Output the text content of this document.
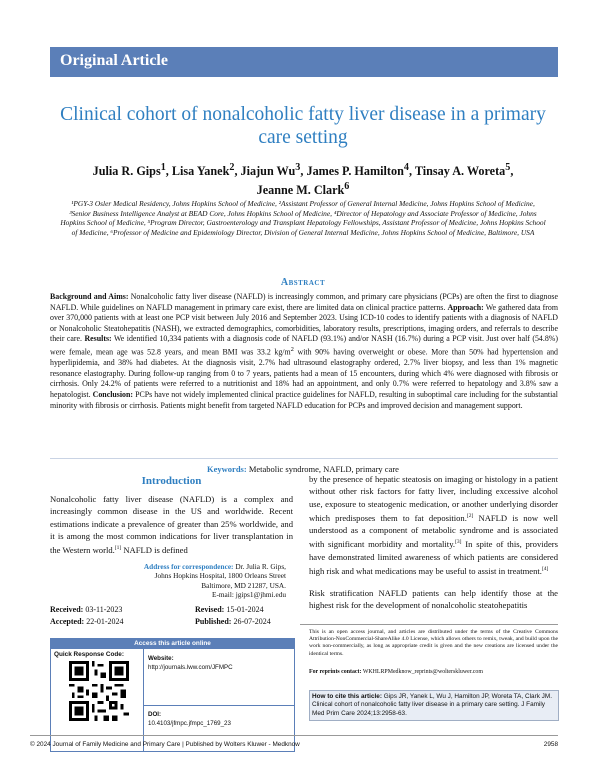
Original Article
Clinical cohort of nonalcoholic fatty liver disease in a primary care setting
Julia R. Gips$^1$, Lisa Yanek$^2$, Jiajun Wu$^3$, James P. Hamilton$^4$, Tinsay A. Woreta$^5$,
Jeanne M. Clark$^6$
¹PGY-3 Osler Medical Residency, Johns Hopkins School of Medicine, ²Assistant Professor of General Internal Medicine, Johns Hopkins School of Medicine, ³Senior Business Intelligence Analyst at BEAD Core, Johns Hopkins School of Medicine, ⁴Director of Hepatology and Associate Professor of Medicine, Johns Hopkins School of Medicine, ⁵Program Director, Gastroenterology and Transplant Hepatology Fellowships, Assistant Professor of Medicine, Johns Hopkins School of Medicine, ⁶Professor of Medicine and Epidemiology Director, Division of General Internal Medicine, Johns Hopkins School of Medicine, Baltimore, USA
Abstract
Background and Aims: Nonalcoholic fatty liver disease (NAFLD) is increasingly common, and primary care physicians (PCPs) are often the first to diagnose NAFLD. While guidelines on NAFLD management in primary care exist, there are limited data on clinical practice patterns. Approach: We gathered data from over 370,000 patients with at least one PCP visit between July 2016 and September 2023. Using ICD-10 codes to identify patients with a diagnosis of NAFLD or Nonalcoholic Steatohepatitis (NASH), we extracted demographics, comorbidities, laboratory results, prescriptions, imaging orders, and referrals to describe their care. Results: We identified 10,334 patients with a diagnosis code of NAFLD (93.1%) and/or NASH (16.7%) during a PCP visit. Just over half (54.8%) were female, mean age was 52.8 years, and mean BMI was 33.2 $kg/m^2$ with 90% having overweight or obese. More than 50% had hypertension and hyperlipidemia, and 38% had diabetes. At the diagnosis visit, 2.7% had ultrasound elastography ordered, 2.7% liver biopsy, and less than 1% magnetic resonance elastography. During follow-up ranging from 0 to 7 years, patients had a mean of 15 encounters, during which 4% were diagnosed with fibrosis or cirrhosis. Only 24.2% of patients were referred to a nutritionist and 18% had an appointment, and only 0.7% were referred to hepatology and 3.8% saw a hepatologist. Conclusion: PCPs have not widely implemented clinical practice guidelines for NAFLD, resulting in suboptimal care including for the substantial minority with fibrosis or cirrhosis. Patients might benefit from targeted NAFLD education for PCPs and improved decision and management support.
Keywords: Metabolic syndrome, NAFLD, primary care
Introduction
Nonalcoholic fatty liver disease (NAFLD) is a complex and increasingly common disease in the US and worldwide. Recent estimations indicate a prevalence of greater than 25% worldwide, and it is among the most common indications for liver transplantation in the Western world.[1] NAFLD is defined
by the presence of hepatic steatosis on imaging or histology in a patient without other risk factors for fatty liver, including excessive alcohol use, exposure to steatogenic medication, or another underlying disorder which predisposes them to fat deposition.[2] NAFLD is now well understood as a component of metabolic syndrome and is associated with significant morbidity and mortality.[3] In spite of this, providers have demonstrated limited awareness of which patients are considered high risk and what medications may be useful to assist in treatment.[4]
Risk stratification NAFLD patients can help identify those at the highest risk for the development of nonalcoholic steatohepatitis
Address for correspondence: Dr. Julia R. Gips,
Johns Hopkins Hospital, 1800 Orleans Street
Baltimore, MD 21287, USA.
E-mail: jgips1@jhmi.edu
Received: 03-11-2023	Revised: 15-01-2024
Accepted: 22-01-2024	Published: 26-07-2024
Access this article online
Quick Response Code:
Website:
http://journals.lww.com/JFMPC
DOI:
10.4103/jfmpc.jfmpc_1769_23
This is an open access journal, and articles are distributed under the terms of the Creative Commons Attribution-NonCommercial-ShareAlike 4.0 License, which allows others to remix, tweak, and build upon the work non-commercially, as long as appropriate credit is given and the new creations are licensed under the identical terms.
For reprints contact: WKHLRPMedknow_reprints@wolterskluwer.com
How to cite this article: Gips JR, Yanek L, Wu J, Hamilton JP, Woreta TA, Clark JM. Clinical cohort of nonalcoholic fatty liver disease in a primary care setting. J Family Med Prim Care 2024;13:2958-63.
© 2024 Journal of Family Medicine and Primary Care | Published by Wolters Kluwer - Medknow	2958
